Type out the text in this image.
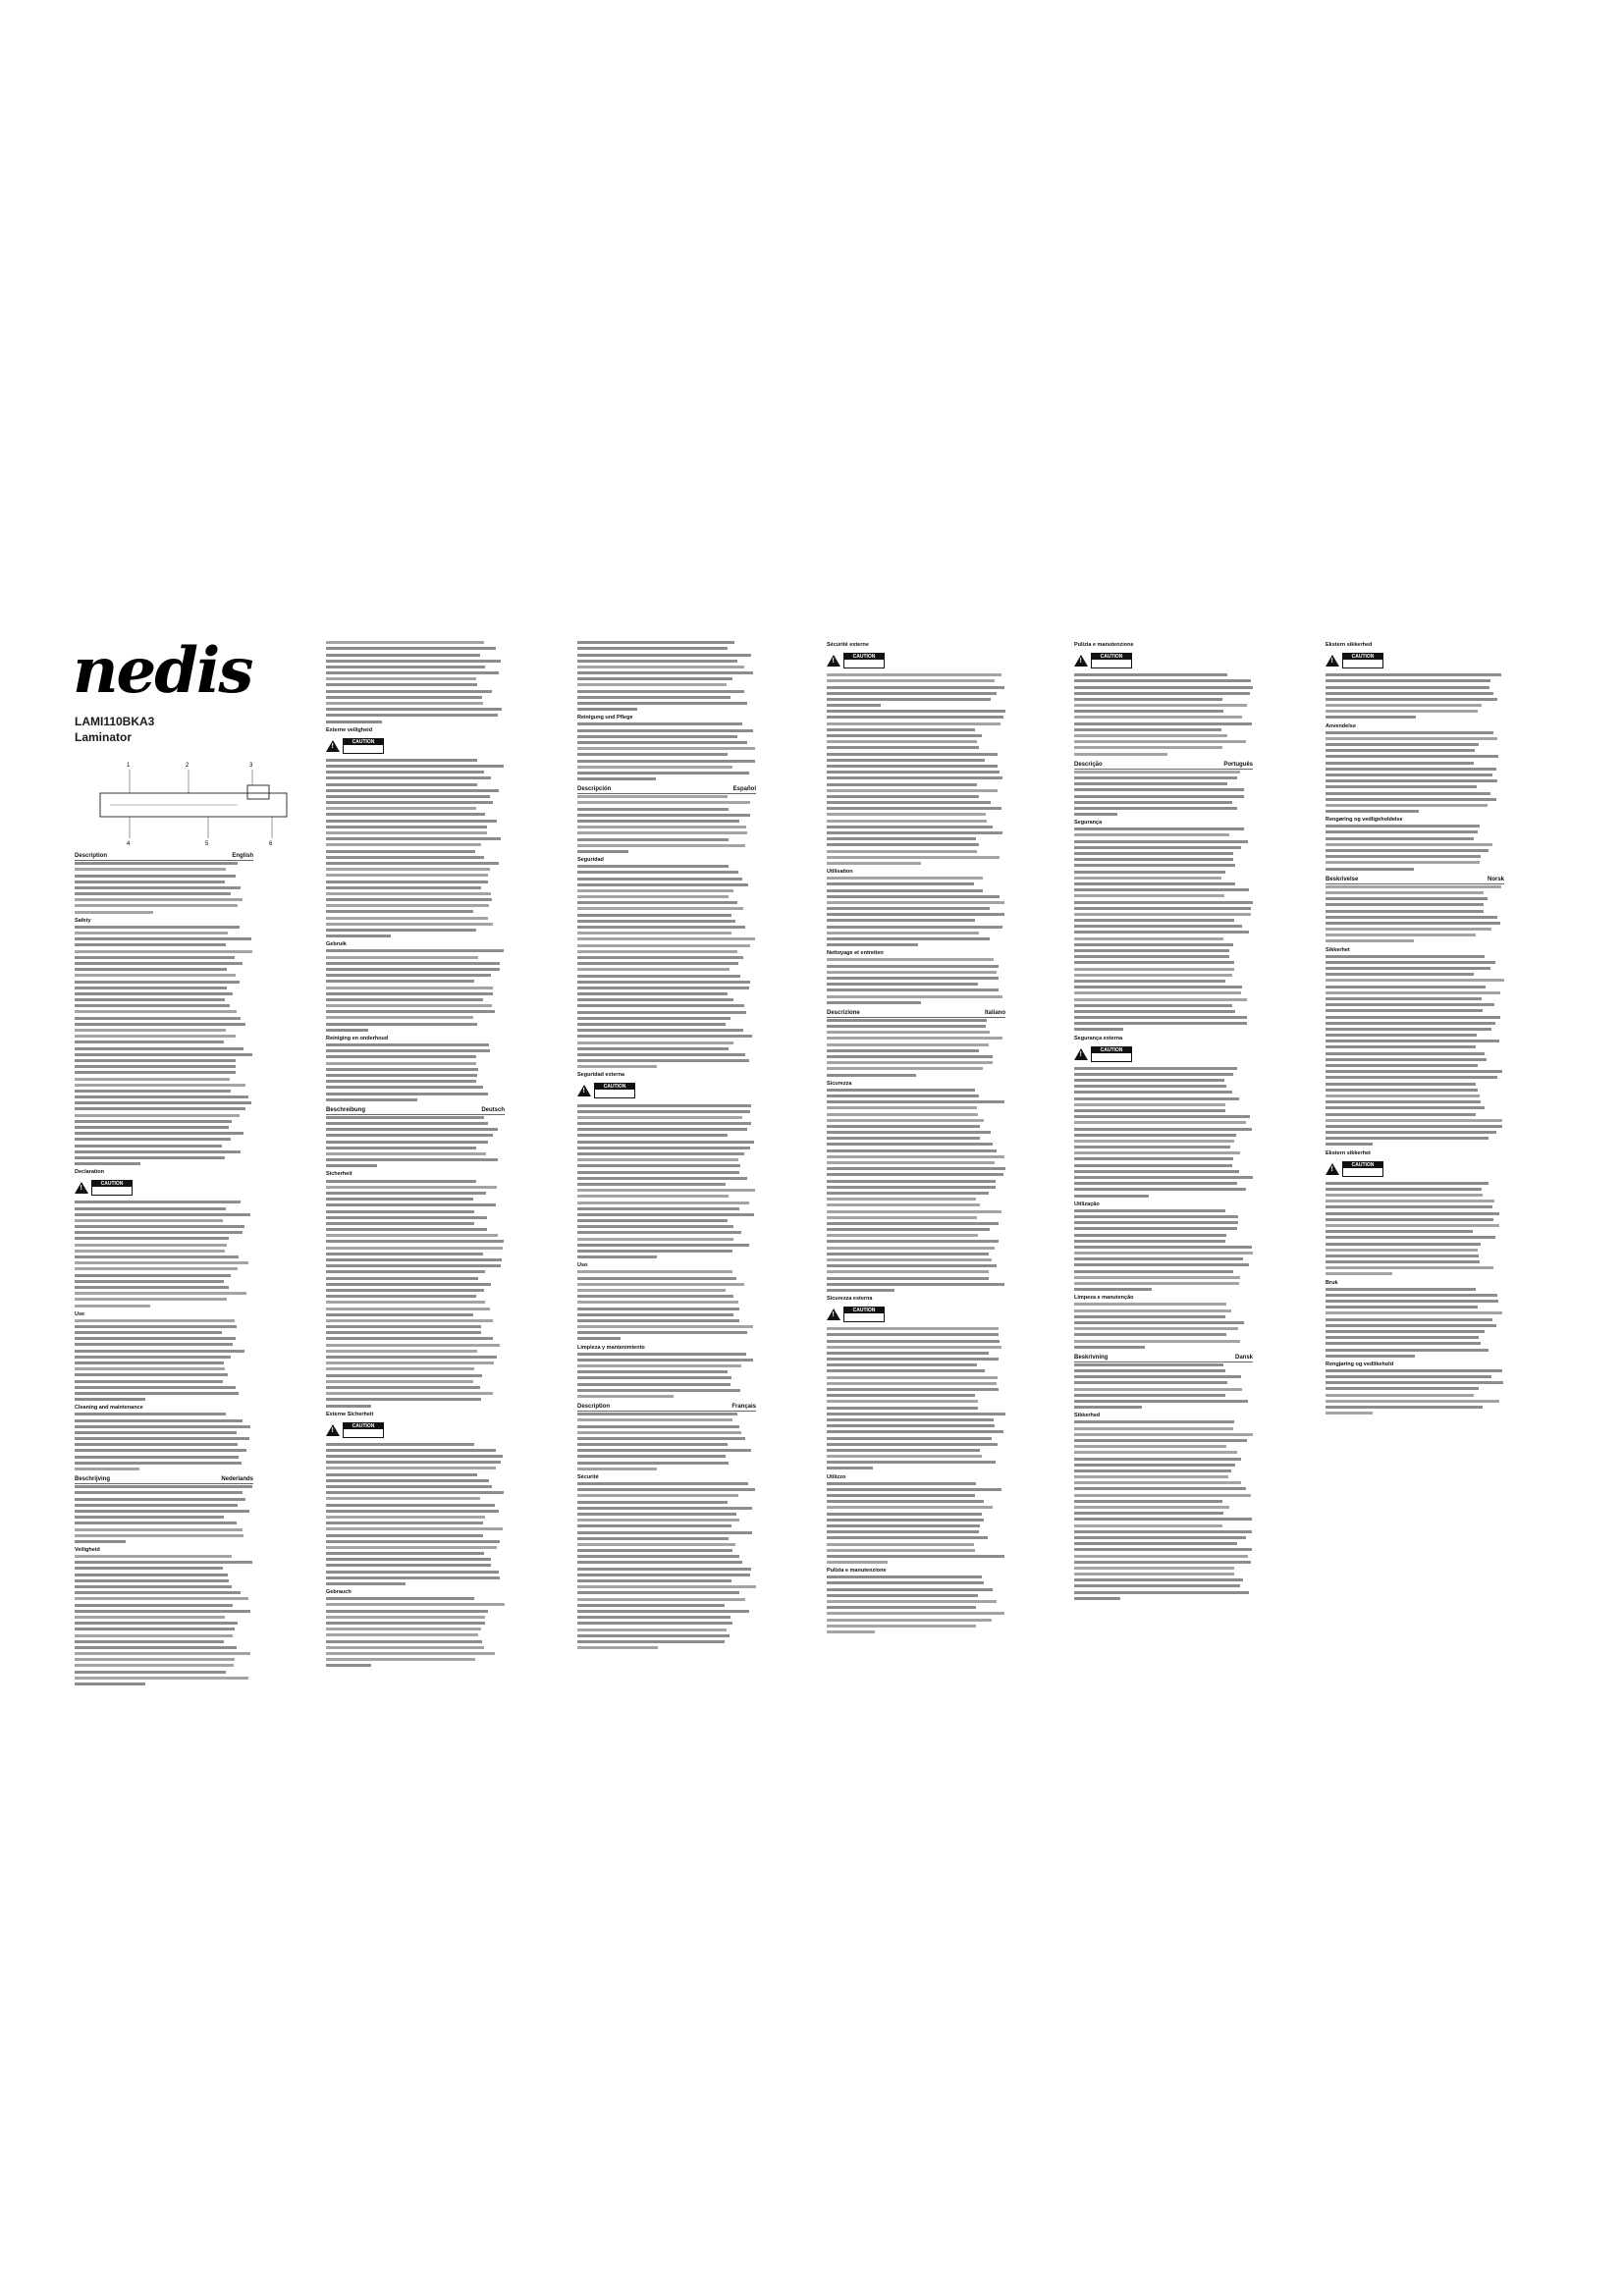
nedis
LAMI110BKA3
Laminator
1	2	3
4	5	6
Description	English
Safety
Declaration
!
CAUTION
Use
Cleaning and maintenance
Beschrijving	Nederlands
Veiligheid
Externe veiligheid
!
CAUTION
Gebruik
Reiniging en onderhoud
Beschreibung	Deutsch
Sicherheit
Externe Sicherheit
!
CAUTION
Gebrauch
Reinigung und Pflege
Descripción	Español
Seguridad
Seguridad externa
!
CAUTION
Uso
Limpieza y mantenimiento
Description	Français
Sécurité
Sécurité externe
!
CAUTION
Utilisation
Nettoyage et entretien
Descrizione	Italiano
Sicurezza
Sicurezza esterna
!
CAUTION
Utilizzo
Pulizia e manutenzione
Pulizia e manutenzione
!
CAUTION
Descrição	Português
Segurança
Segurança externa
!
CAUTION
Utilização
Limpeza e manutenção
Beskrivning	Dansk
Sikkerhed
Ekstern sikkerhed
!
CAUTION
Anvendelse
Rengøring og vedligeholdelse
Beskrivelse	Norsk
Sikkerhet
Ekstern sikkerhet
!
CAUTION
Bruk
Rengjøring og vedlikehold
